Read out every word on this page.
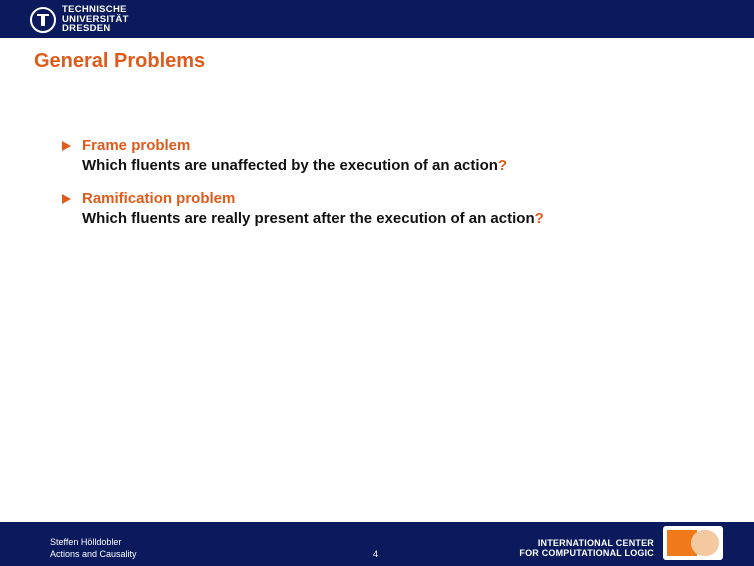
TECHNISCHE
UNIVERSITÄT
DRESDEN
General Problems
Frame problem
Which fluents are unaffected by the execution of an action?
Ramification problem
Which fluents are really present after the execution of an action?
Steffen Hölldobler
Actions and Causality	4
INTERNATIONAL CENTER
FOR COMPUTATIONAL LOGIC
